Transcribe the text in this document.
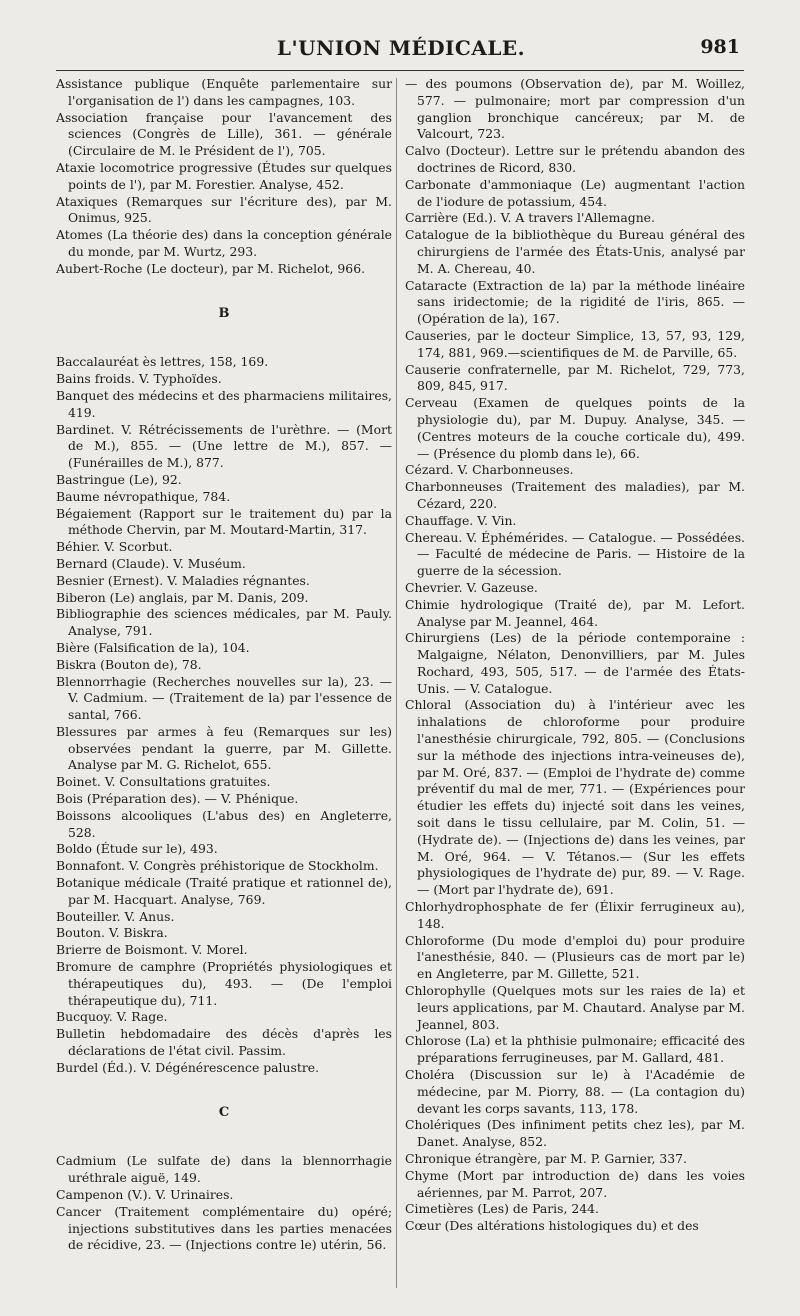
L'UNION MÉDICALE.	981

Assistance publique (Enquête parlementaire sur l'organisation de l') dans les campagnes, 103.

Association française pour l'avancement des sciences (Congrès de Lille), 361. — générale (Circulaire de M. le Président de l'), 705.

Ataxie locomotrice progressive (Études sur quelques points de l'), par M. Forestier. Analyse, 452.

Ataxiques (Remarques sur l'écriture des), par M. Onimus, 925.

Atomes (La théorie des) dans la conception générale du monde, par M. Wurtz, 293.

Aubert-Roche (Le docteur), par M. Richelot, 966.

B

Baccalauréat ès lettres, 158, 169.

Bains froids. V. Typhoïdes.

Banquet des médecins et des pharmaciens militaires, 419.

Bardinet. V. Rétrécissements de l'urèthre. — (Mort de M.), 855. — (Une lettre de M.), 857. — (Funérailles de M.), 877.

Bastringue (Le), 92.

Baume névropathique, 784.

Bégaiement (Rapport sur le traitement du) par la méthode Chervin, par M. Moutard-Martin, 317.

Béhier. V. Scorbut.

Bernard (Claude). V. Muséum.

Besnier (Ernest). V. Maladies régnantes.

Biberon (Le) anglais, par M. Danis, 209.

Bibliographie des sciences médicales, par M. Pauly. Analyse, 791.

Bière (Falsification de la), 104.

Biskra (Bouton de), 78.

Blennorrhagie (Recherches nouvelles sur la), 23. — V. Cadmium. — (Traitement de la) par l'essence de santal, 766.

Blessures par armes à feu (Remarques sur les) observées pendant la guerre, par M. Gillette. Analyse par M. G. Richelot, 655.

Boinet. V. Consultations gratuites.

Bois (Préparation des). — V. Phénique.

Boissons alcooliques (L'abus des) en Angleterre, 528.

Boldo (Étude sur le), 493.

Bonnafont. V. Congrès préhistorique de Stockholm.

Botanique médicale (Traité pratique et rationnel de), par M. Hacquart. Analyse, 769.

Bouteiller. V. Anus.

Bouton. V. Biskra.

Brierre de Boismont. V. Morel.

Bromure de camphre (Propriétés physiologiques et thérapeutiques du), 493. — (De l'emploi thérapeutique du), 711.

Bucquoy. V. Rage.

Bulletin hebdomadaire des décès d'après les déclarations de l'état civil. Passim.

Burdel (Éd.). V. Dégénérescence palustre.

C

Cadmium (Le sulfate de) dans la blennorrhagie uréthrale aiguë, 149.

Campenon (V.). V. Urinaires.

Cancer (Traitement complémentaire du) opéré; injections substitutives dans les parties menacées de récidive, 23. — (Injections contre le) utérin, 56.

— des poumons (Observation de), par M. Woillez, 577. — pulmonaire; mort par compression d'un ganglion bronchique cancéreux; par M. de Valcourt, 723.

Calvo (Docteur). Lettre sur le prétendu abandon des doctrines de Ricord, 830.

Carbonate d'ammoniaque (Le) augmentant l'action de l'iodure de potassium, 454.

Carrière (Ed.). V. A travers l'Allemagne.

Catalogue de la bibliothèque du Bureau général des chirurgiens de l'armée des États-Unis, analysé par M. A. Chereau, 40.

Cataracte (Extraction de la) par la méthode linéaire sans iridectomie; de la rigidité de l'iris, 865. — (Opération de la), 167.

Causeries, par le docteur Simplice, 13, 57, 93, 129, 174, 881, 969.—scientifiques de M. de Parville, 65.

Causerie confraternelle, par M. Richelot, 729, 773, 809, 845, 917.

Cerveau (Examen de quelques points de la physiologie du), par M. Dupuy. Analyse, 345. — (Centres moteurs de la couche corticale du), 499. — (Présence du plomb dans le), 66.

Cézard. V. Charbonneuses.

Charbonneuses (Traitement des maladies), par M. Cézard, 220.

Chauffage. V. Vin.

Chereau. V. Éphémérides. — Catalogue. — Possédées. — Faculté de médecine de Paris. — Histoire de la guerre de la sécession.

Chevrier. V. Gazeuse.

Chimie hydrologique (Traité de), par M. Lefort. Analyse par M. Jeannel, 464.

Chirurgiens (Les) de la période contemporaine : Malgaigne, Nélaton, Denonvilliers, par M. Jules Rochard, 493, 505, 517. — de l'armée des États-Unis. — V. Catalogue.

Chloral (Association du) à l'intérieur avec les inhalations de chloroforme pour produire l'anesthésie chirurgicale, 792, 805. — (Conclusions sur la méthode des injections intra-veineuses de), par M. Oré, 837. — (Emploi de l'hydrate de) comme préventif du mal de mer, 771. — (Expériences pour étudier les effets du) injecté soit dans les veines, soit dans le tissu cellulaire, par M. Colin, 51. — (Hydrate de). — (Injections de) dans les veines, par M. Oré, 964. — V. Tétanos.— (Sur les effets physiologiques de l'hydrate de) pur, 89. — V. Rage. — (Mort par l'hydrate de), 691.

Chlorhydrophosphate de fer (Élixir ferrugineux au), 148.

Chloroforme (Du mode d'emploi du) pour produire l'anesthésie, 840. — (Plusieurs cas de mort par le) en Angleterre, par M. Gillette, 521.

Chlorophylle (Quelques mots sur les raies de la) et leurs applications, par M. Chautard. Analyse par M. Jeannel, 803.

Chlorose (La) et la phthisie pulmonaire; efficacité des préparations ferrugineuses, par M. Gallard, 481.

Choléra (Discussion sur le) à l'Académie de médecine, par M. Piorry, 88. — (La contagion du) devant les corps savants, 113, 178.

Cholériques (Des infiniment petits chez les), par M. Danet. Analyse, 852.

Chronique étrangère, par M. P. Garnier, 337.

Chyme (Mort par introduction de) dans les voies aériennes, par M. Parrot, 207.

Cimetières (Les) de Paris, 244.

Cœur (Des altérations histologiques du) et des
